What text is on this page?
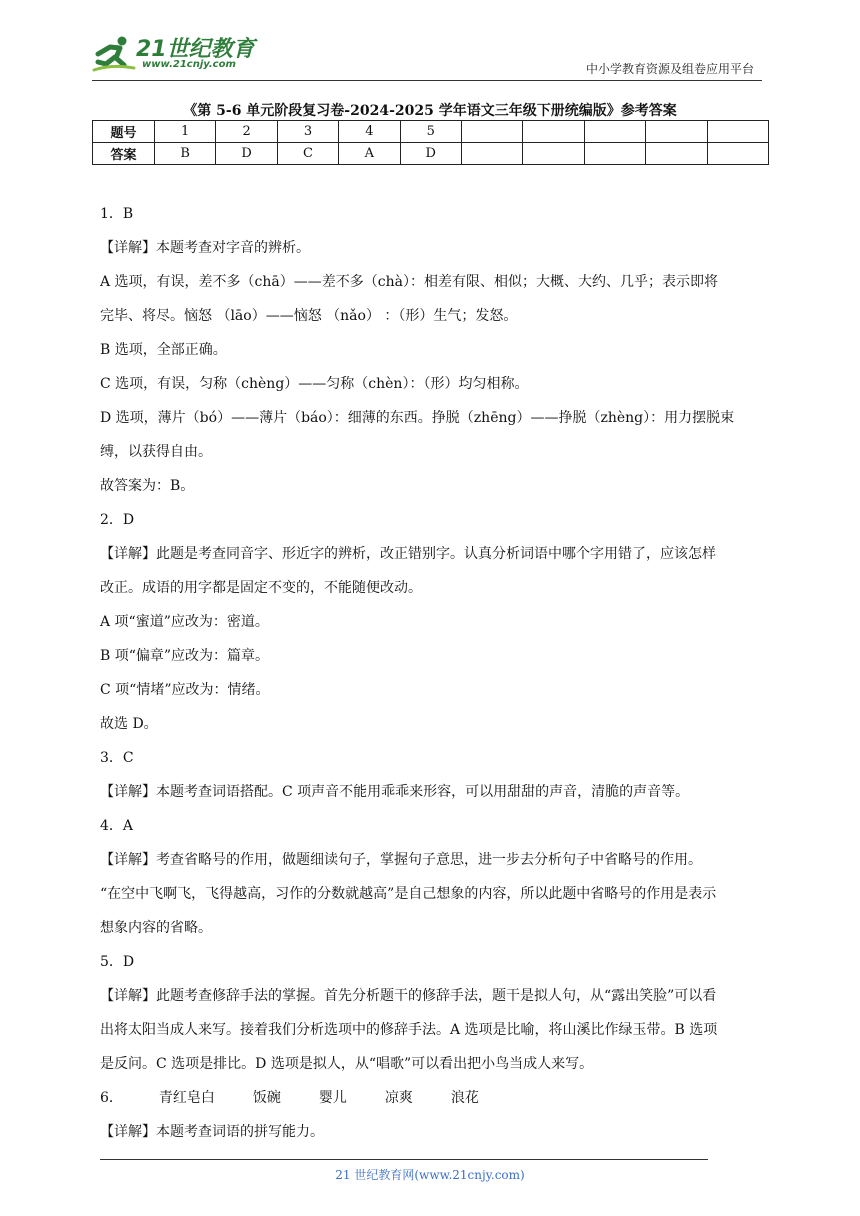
21世纪教育
www.21cnjy.com	中小学教育资源及组卷应用平台
《第 5-6 单元阶段复习卷-2024-2025 学年语文三年级下册统编版》参考答案
题号	1	2	3	4	5					
答案	B	D	C	A	D					

1．B

【详解】本题考查对字音的辨析。

A 选项，有误，差不多（chā）——差不多（chà）：相差有限、相似；大概、大约、几乎；表示即将

完毕、将尽。恼怒 （lāo）——恼怒 （nǎo） ：（形）生气；发怒。

B 选项，全部正确。

C 选项，有误，匀称（chèng）——匀称（chèn）：（形）均匀相称。

D 选项，薄片（bó）——薄片（báo）：细薄的东西。挣脱（zhēng）——挣脱（zhèng）：用力摆脱束

缚，以获得自由。

故答案为：B。

2．D

【详解】此题是考查同音字、形近字的辨析，改正错别字。认真分析词语中哪个字用错了，应该怎样

改正。成语的用字都是固定不变的，不能随便改动。

A 项“蜜道”应改为：密道。

B 项“偏章”应改为：篇章。

C 项“情堵”应改为：情绪。

故选 D。

3．C

【详解】本题考查词语搭配。C 项声音不能用乖乖来形容，可以用甜甜的声音，清脆的声音等。

4．A

【详解】考查省略号的作用，做题细读句子，掌握句子意思，进一步去分析句子中省略号的作用。

“在空中飞啊飞，飞得越高，习作的分数就越高”是自己想象的内容，所以此题中省略号的作用是表示

想象内容的省略。

5．D

【详解】此题考查修辞手法的掌握。首先分析题干的修辞手法，题干是拟人句，从“露出笑脸”可以看

出将太阳当成人来写。接着我们分析选项中的修辞手法。A 选项是比喻，将山溪比作绿玉带。B 选项

是反问。C 选项是排比。D 选项是拟人，从“唱歌”可以看出把小鸟当成人来写。

6．	青红皂白	饭碗	婴儿	凉爽	浪花

【详解】本题考查词语的拼写能力。

21 世纪教育网(www.21cnjy.com)
